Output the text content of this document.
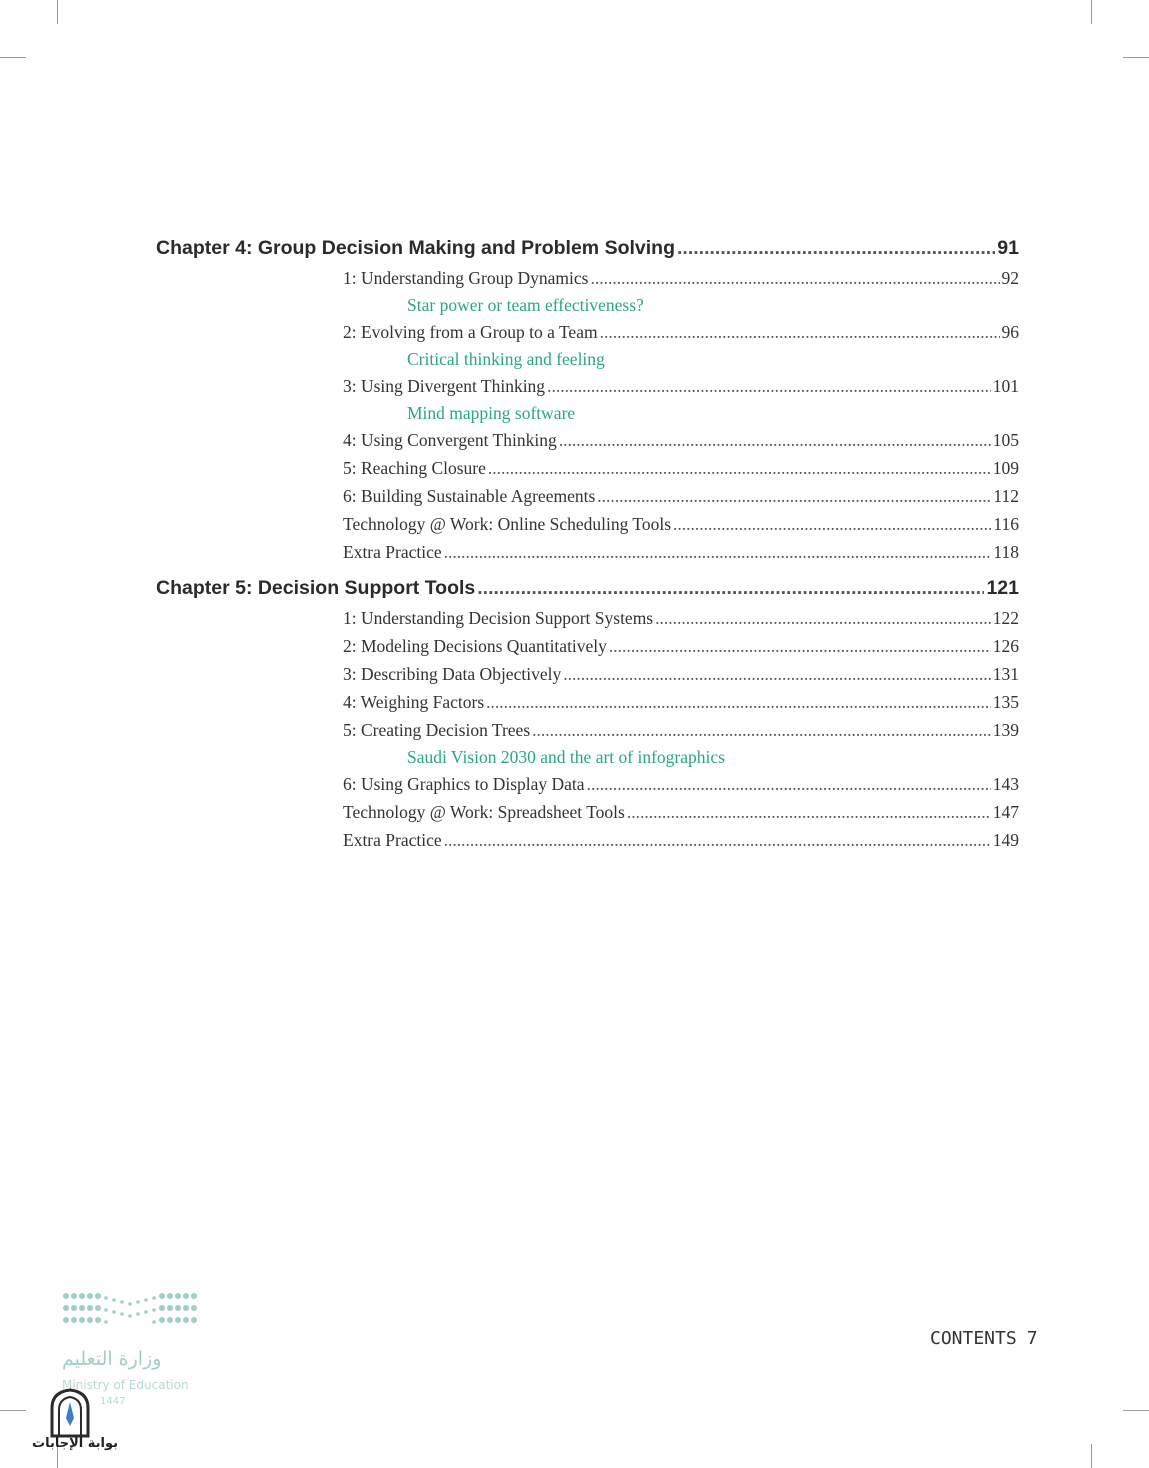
Chapter 4: Group Decision Making and Problem Solving .....	91
1: Understanding Group Dynamics .....	92
Star power or team effectiveness?
2: Evolving from a Group to a Team .....	96
Critical thinking and feeling
3: Using Divergent Thinking .....	101
Mind mapping software
4: Using Convergent Thinking .....	105
5: Reaching Closure .....	109
6: Building Sustainable Agreements .....	112
Technology @ Work: Online Scheduling Tools .....	116
Extra Practice .....	118
Chapter 5: Decision Support Tools .....	121
1: Understanding Decision Support Systems .....	122
2: Modeling Decisions Quantitatively .....	126
3: Describing Data Objectively .....	131
4: Weighing Factors .....	135
5: Creating Decision Trees .....	139
Saudi Vision 2030 and the art of infographics
6: Using Graphics to Display Data .....	143
Technology @ Work: Spreadsheet Tools .....	147
Extra Practice .....	149
وزارة التعليم
Ministry of Education
1447
بوابة الإجابات
CONTENTS 7
